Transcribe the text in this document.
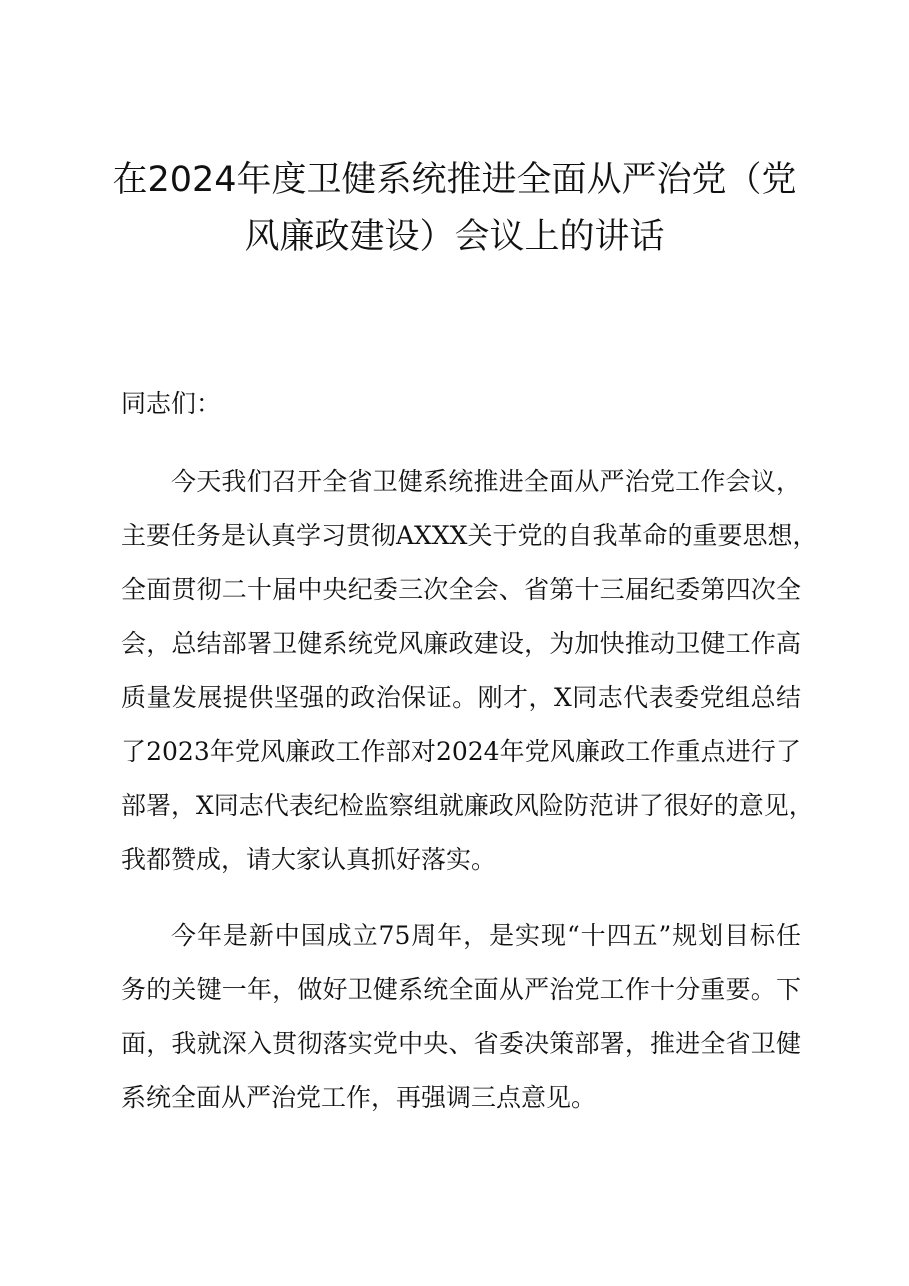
在2024年度卫健系统推进全面从严治党（党
风廉政建设）会议上的讲话
同志们：
今天我们召开全省卫健系统推进全面从严治党工作会议，
主要任务是认真学习贯彻AXXX关于党的自我革命的重要思想，
全面贯彻二十届中央纪委三次全会、省第十三届纪委第四次全
会，总结部署卫健系统党风廉政建设，为加快推动卫健工作高
质量发展提供坚强的政治保证。刚才，X同志代表委党组总结
了2023年党风廉政工作部对2024年党风廉政工作重点进行了
部署，X同志代表纪检监察组就廉政风险防范讲了很好的意见，
我都赞成，请大家认真抓好落实。
今年是新中国成立75周年，是实现“十四五”规划目标任
务的关键一年，做好卫健系统全面从严治党工作十分重要。下
面，我就深入贯彻落实党中央、省委决策部署，推进全省卫健
系统全面从严治党工作，再强调三点意见。
